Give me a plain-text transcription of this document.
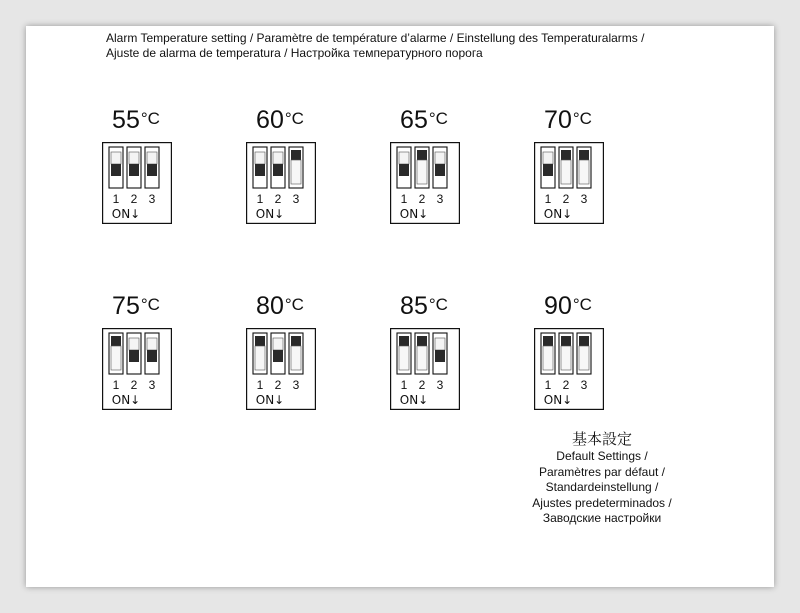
Alarm Temperature setting / Paramètre de température d’alarme / Einstellung des Temperaturalarms /
Ajuste de alarma de temperatura / Настройка температурного порога
$55^{^\circ C}$
1 2 3
ON↓
$60^{^\circ C}$
1 2 3
ON↓
$65^{^\circ C}$
1 2 3
ON↓
$70^{^\circ C}$
1 2 3
ON↓
$75^{^\circ C}$
1 2 3
ON↓
$80^{^\circ C}$
1 2 3
ON↓
$85^{^\circ C}$
1 2 3
ON↓
$90^{^\circ C}$
1 2 3
ON↓
基本設定
Default Settings /
Paramètres par défaut /
Standardeinstellung /
Ajustes predeterminados /
Заводские настройки
